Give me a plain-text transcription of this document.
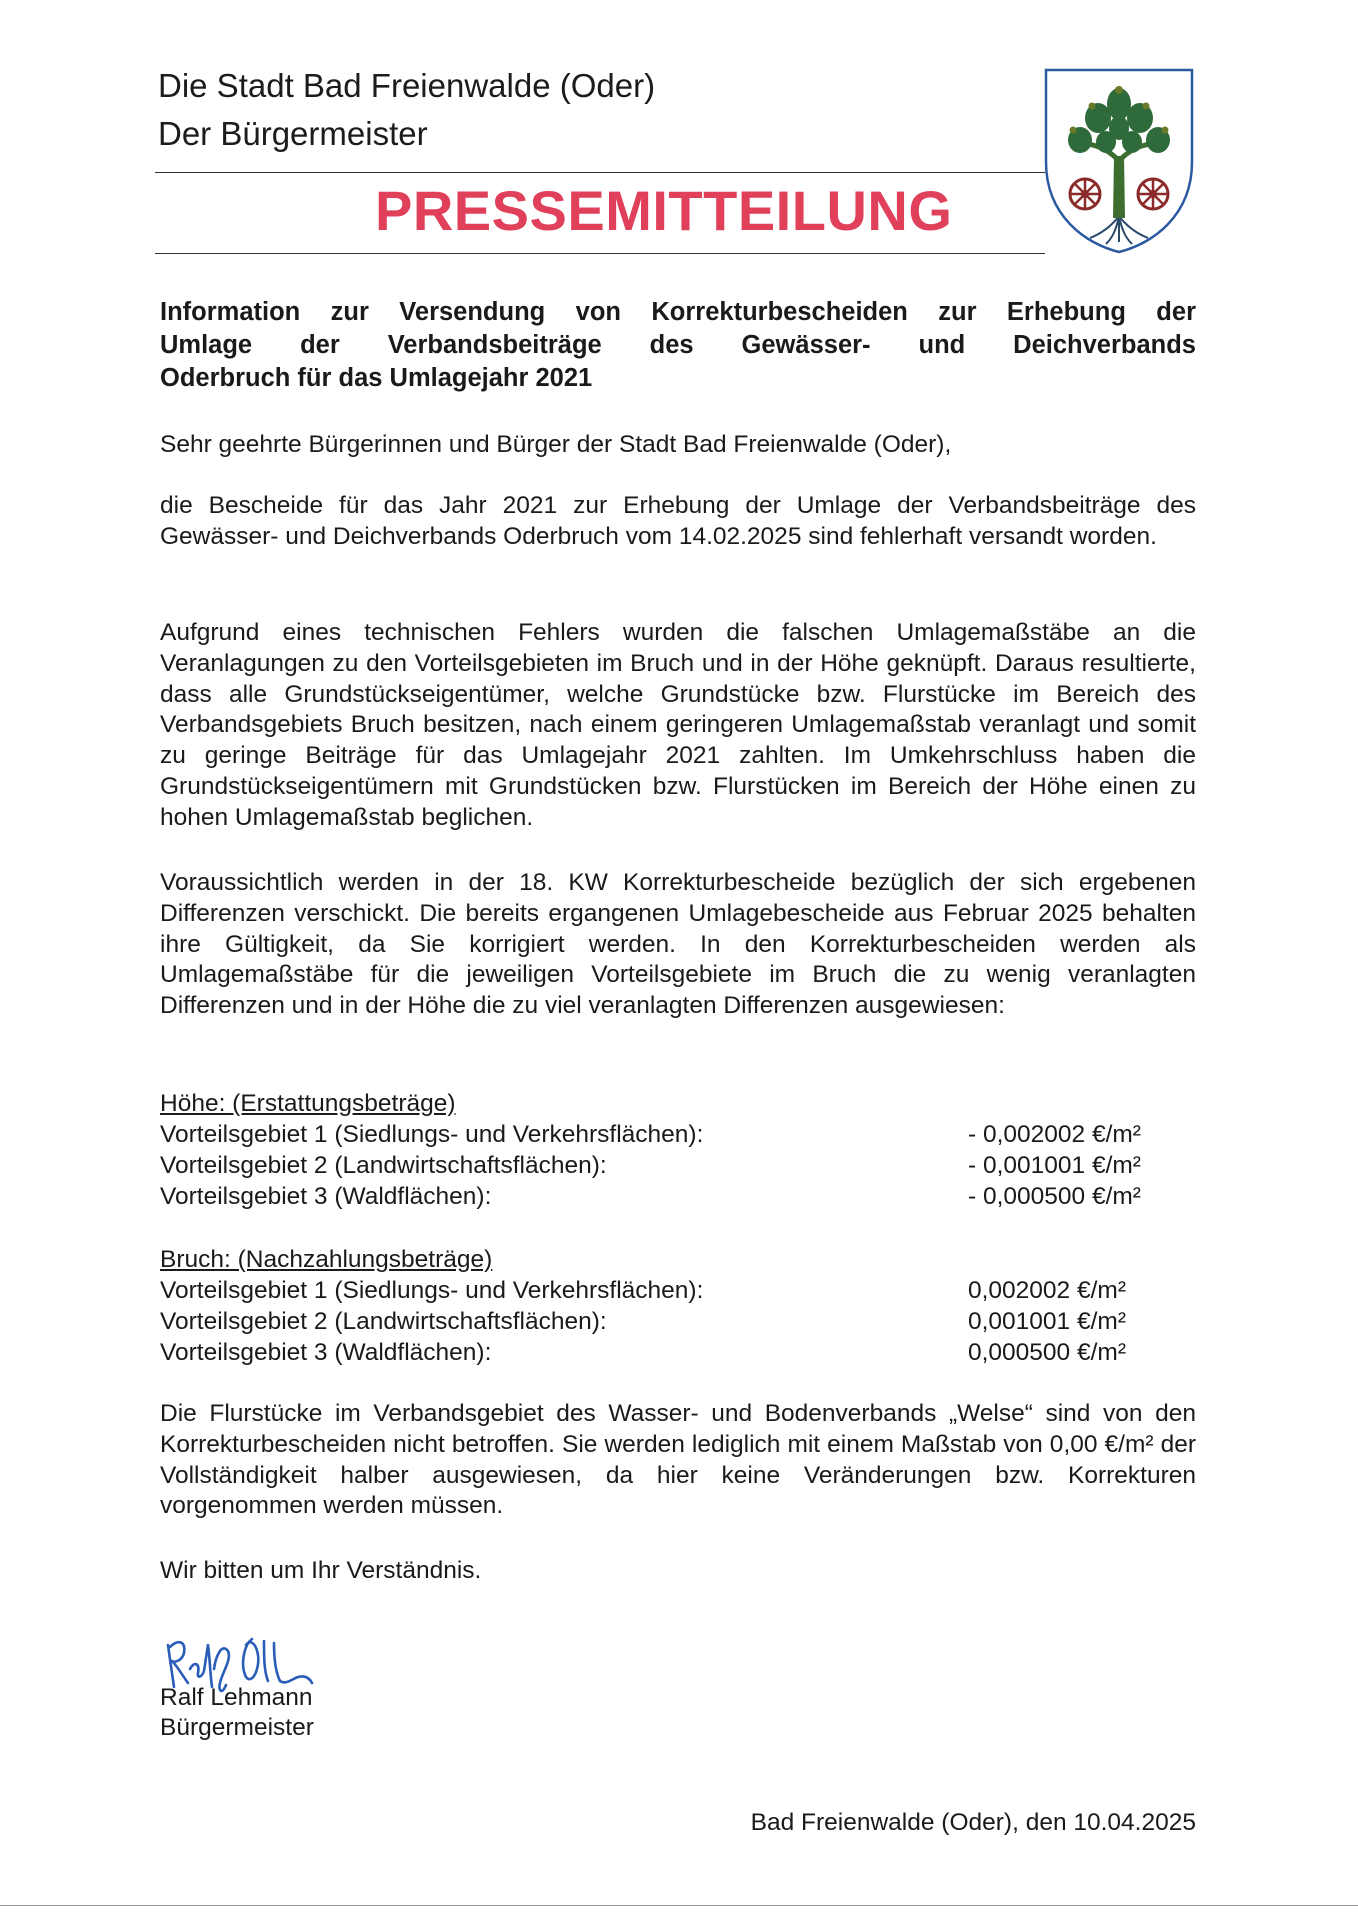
Die Stadt Bad Freienwalde (Oder)
Der Bürgermeister
PRESSEMITTEILUNG
Information zur Versendung von Korrekturbescheiden zur Erhebung der
Umlage der Verbandsbeiträge des Gewässer- und Deichverbands
Oderbruch für das Umlagejahr 2021

Sehr geehrte Bürgerinnen und Bürger der Stadt Bad Freienwalde (Oder),

die Bescheide für das Jahr 2021 zur Erhebung der Umlage der Verbandsbeiträge des Gewässer- und Deichverbands Oderbruch vom 14.02.2025 sind fehlerhaft versandt worden.

Aufgrund eines technischen Fehlers wurden die falschen Umlagemaßstäbe an die Veranlagungen zu den Vorteilsgebieten im Bruch und in der Höhe geknüpft. Daraus resultierte, dass alle Grundstückseigentümer, welche Grundstücke bzw. Flurstücke im Bereich des Verbandsgebiets Bruch besitzen, nach einem geringeren Umlagemaßstab veranlagt und somit zu geringe Beiträge für das Umlagejahr 2021 zahlten. Im Umkehrschluss haben die Grundstückseigentümern mit Grundstücken bzw. Flurstücken im Bereich der Höhe einen zu hohen Umlagemaßstab beglichen.

Voraussichtlich werden in der 18. KW Korrekturbescheide bezüglich der sich ergebenen Differenzen verschickt. Die bereits ergangenen Umlagebescheide aus Februar 2025 behalten ihre Gültigkeit, da Sie korrigiert werden. In den Korrekturbescheiden werden als Umlagemaßstäbe für die jeweiligen Vorteilsgebiete im Bruch die zu wenig veranlagten Differenzen und in der Höhe die zu viel veranlagten Differenzen ausgewiesen:

Höhe: (Erstattungsbeträge)
Vorteilsgebiet 1 (Siedlungs- und Verkehrsflächen):	- 0,002002 €/m²
Vorteilsgebiet 2 (Landwirtschaftsflächen):	- 0,001001 €/m²
Vorteilsgebiet 3 (Waldflächen):	- 0,000500 €/m²
Bruch: (Nachzahlungsbeträge)
Vorteilsgebiet 1 (Siedlungs- und Verkehrsflächen):	0,002002 €/m²
Vorteilsgebiet 2 (Landwirtschaftsflächen):	0,001001 €/m²
Vorteilsgebiet 3 (Waldflächen):	0,000500 €/m²

Die Flurstücke im Verbandsgebiet des Wasser- und Bodenverbands „Welse“ sind von den Korrekturbescheiden nicht betroffen. Sie werden lediglich mit einem Maßstab von 0,00 €/m² der Vollständigkeit halber ausgewiesen, da hier keine Veränderungen bzw. Korrekturen vorgenommen werden müssen.

Wir bitten um Ihr Verständnis.

Ralf Lehmann
Bürgermeister
Bad Freienwalde (Oder), den 10.04.2025
